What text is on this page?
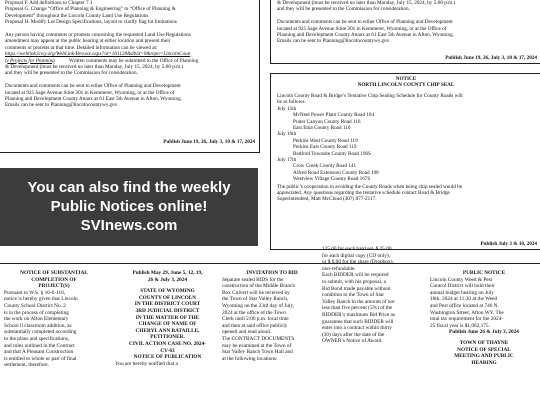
Proposal F. Add definitions to Chapter 7.1
Proposal G. Change “Office of Planning & Engineering” to “Office of Planning &
Development” throughout the Lincoln County Land Use Regulations
Proposal H. Modify Lot Design Specifications, layout to clarify flag lot limitations
Any person having comments or protests concerning the requested Land Use Regulations
amendment may appear at the public hearing at either location and present their
comments or protests at that time. Detailed information can be viewed at:
https://weblink.lcwy.org/WebLink/Browse.aspx?id=161128&dbid=0&repo=LincolnCoun
ty Projects for Planning	Written comments may be submitted to the Office of Planning
& Development (must be received no later than Monday, July 15, 2024, by 5:00 p.m.)
and they will be presented to the Commission for consideration.
Documents and comments can be sent to either Office of Planning and Development
located at 925 Sage Avenue Suite 201 in Kemmerer, Wyoming, or at the Office of
Planning and Development County Annex at 61 East 5th Avenue in Afton, Wyoming.
Emails can be sent to Planning@lincolncountywy.gov.
Publish June 19, 26, July 3, 10 & 17, 2024
& Development (must be received no later than Monday, July 15, 2024, by 5:00 p.m.)
and they will be presented to the Commission for consideration.
Documents and comments can be sent to either Office of Planning and Development
located at 925 Sage Avenue Suite 201 in Kemmerer, Wyoming, or at the Office of
Planning and Development County Annex at 61 East 5th Avenue in Afton, Wyoming.
Emails can be sent to Planning@lincolncountywy.gov.
Publish June 19, 26, July 3, 10 & 17, 2024
NOTICE
NORTH LINCOLN COUNTY CHIP SEAL
Lincoln County Road & Bridge’s Tentative Chip Sealing Schedule for County Roads will
be as follows:
July 15th
McNeel Power Plant County Road 104
Prater Canyon County Road 116
East Etna County Road 110
July 16th
Perkins West County Road 119
Perkins East County Road 119
Bedford Townsite County Road 196S
July 17th
Crow Creek County Road 141
Alfred Road Extension County Road 198
Westview Village County Road 167S
The public’s cooperation in avoiding the County Roads when being chip sealed would be
appreciated. Any questions regarding the tentative schedule contact Road & Bridge
Superintendent, Matt McCloud (307) 877-2117.
Publish July 3 & 10, 2024
You can also find the weekly
Public Notices online!
SVInews.com
NOTICE OF SUBSTANTIAL
COMPLETION OF
PROJECT(S)
Pursuant to W.S. § 16-6-116,
notice is hereby given that Lincoln
County School District No. 2
is in the process of completing
the work on Afton Elementary
School ll classroom addition, as
substantially completed according
to the plans and specifications,
and rules outlined in the Contract
and that A Pleasant Construction
is entitled to whole or part of final
settlement, therefore.
Publish May 29, June 5, 12, 19,
26 & July 3, 2024
STATE OF WYOMING
COUNTY OF LINCOLN
IN THE DISTRICT COURT
3RD JUDICIAL DISTRICT
IN THE MATTER OF THE
CHANGE OF NAME OF
CHERYL ANN BATAILLE,
PETITIONER.
CIVIL ACTION CASE NO. 2024-
CV-63
NOTICE OF PUBLICATION
You are hereby notified that a
INVITATION TO BID
Separate sealed BIDS for the
construction of the Middle Branch
Box Culvert will be received by
the Town of Star Valley Ranch,
Wyoming on the 23rd day of July,
2024 at the office of the Town
Clerk until 2:00 p.m. local time
and then at said office publicly
opened and read aloud.
The CONTRACT DOCUMENTS
may be examined at the Town of
Star Valley Ranch Town Hall and
at the following locations:
125.00 for each hard set. $ 25.00
for each digital copy (CD only),
or $ 0.00 for the share (Dropbox),
non-refundable.
Each BIDDER will be required
to submit, with his proposal, a
Bid Bond made payable without
condition to the Town of Star
Valley Ranch in the amount of not
less than five percent (5%) of the
BIDDER’s maximum Bid Price as
guarantee that such BIDDER will
enter into a contract within thirty
(30) days after the date of the
OWNER’s Notice of Award.
PUBLIC NOTICE
Lincoln County Weed & Pest
Control District will hold their
annual budget hearing on July
10th, 2024 at 11:30 at the Weed
and Pest office located at 746 N.
Washington Street, Afton WY. The
total tax requirement for the 2024-
25 fiscal year is $1,062,175.
Publish June 26 & July 3, 2024
TOWN OF THAYNE
NOTICE OF SPECIAL
MEETING AND PUBLIC
HEARING
